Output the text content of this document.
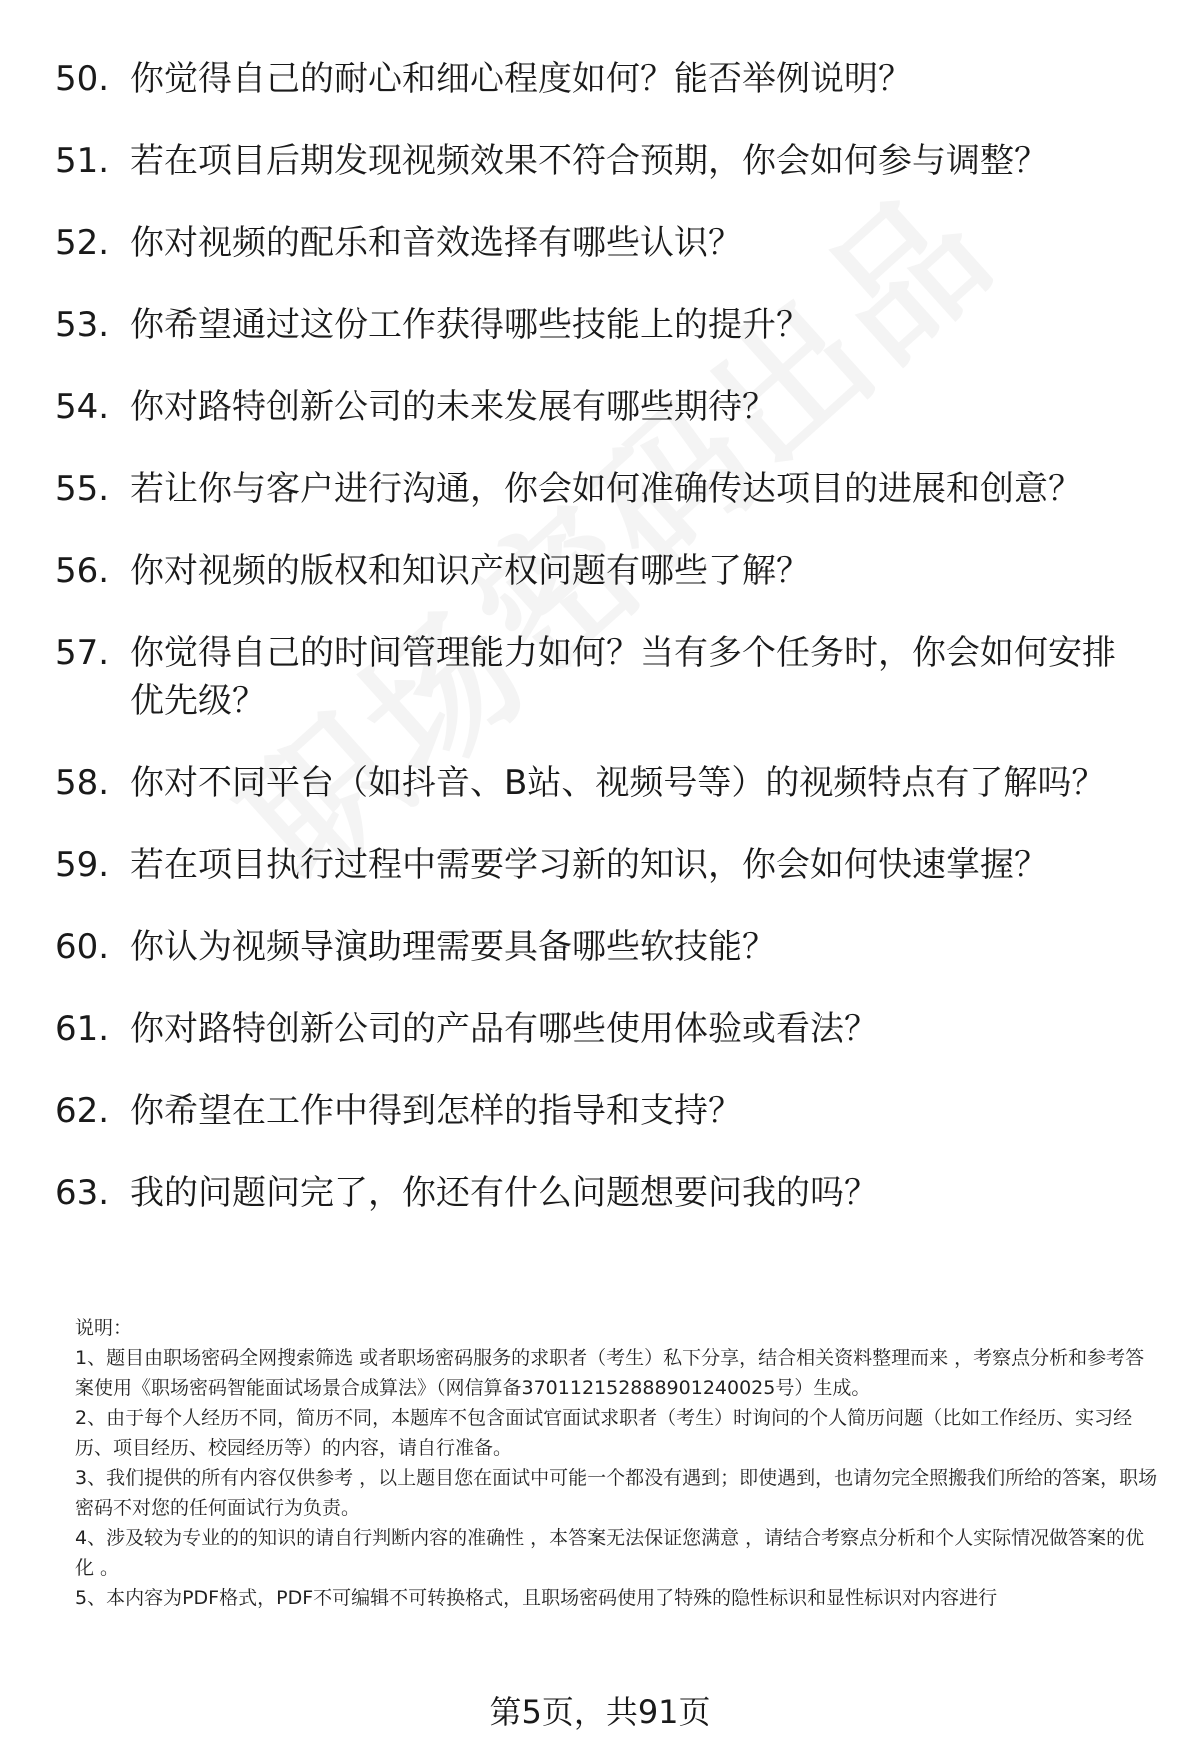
50. 你觉得自己的耐心和细心程度如何？能否举例说明？
51. 若在项目后期发现视频效果不符合预期，你会如何参与调整？
52. 你对视频的配乐和音效选择有哪些认识？
53. 你希望通过这份工作获得哪些技能上的提升？
54. 你对路特创新公司的未来发展有哪些期待？
55. 若让你与客户进行沟通，你会如何准确传达项目的进展和创意？
56. 你对视频的版权和知识产权问题有哪些了解？
57. 你觉得自己的时间管理能力如何？当有多个任务时，你会如何安排优先级？
58. 你对不同平台（如抖音、B站、视频号等）的视频特点有了解吗？
59. 若在项目执行过程中需要学习新的知识，你会如何快速掌握？
60. 你认为视频导演助理需要具备哪些软技能？
61. 你对路特创新公司的产品有哪些使用体验或看法？
62. 你希望在工作中得到怎样的指导和支持？
63. 我的问题问完了，你还有什么问题想要问我的吗？

说明：

1、题目由职场密码全网搜索筛选 或者职场密码服务的求职者（考生）私下分享，结合相关资料整理而来 ，考察点分析和参考答案使用《职场密码智能面试场景合成算法》（网信算备370112152888901240025号）生成。

2、由于每个人经历不同，简历不同，本题库不包含面试官面试求职者（考生）时询问的个人简历问题（比如工作经历、实习经历、项目经历、校园经历等）的内容，请自行准备。

3、我们提供的所有内容仅供参考 ，以上题目您在面试中可能一个都没有遇到；即使遇到，也请勿完全照搬我们所给的答案，职场密码不对您的任何面试行为负责。

4、涉及较为专业的的知识的请自行判断内容的准确性 ，本答案无法保证您满意 ，请结合考察点分析和个人实际情况做答案的优化 。

5、本内容为PDF格式，PDF不可编辑不可转换格式，且职场密码使用了特殊的隐性标识和显性标识对内容进行

第5页，共91页
